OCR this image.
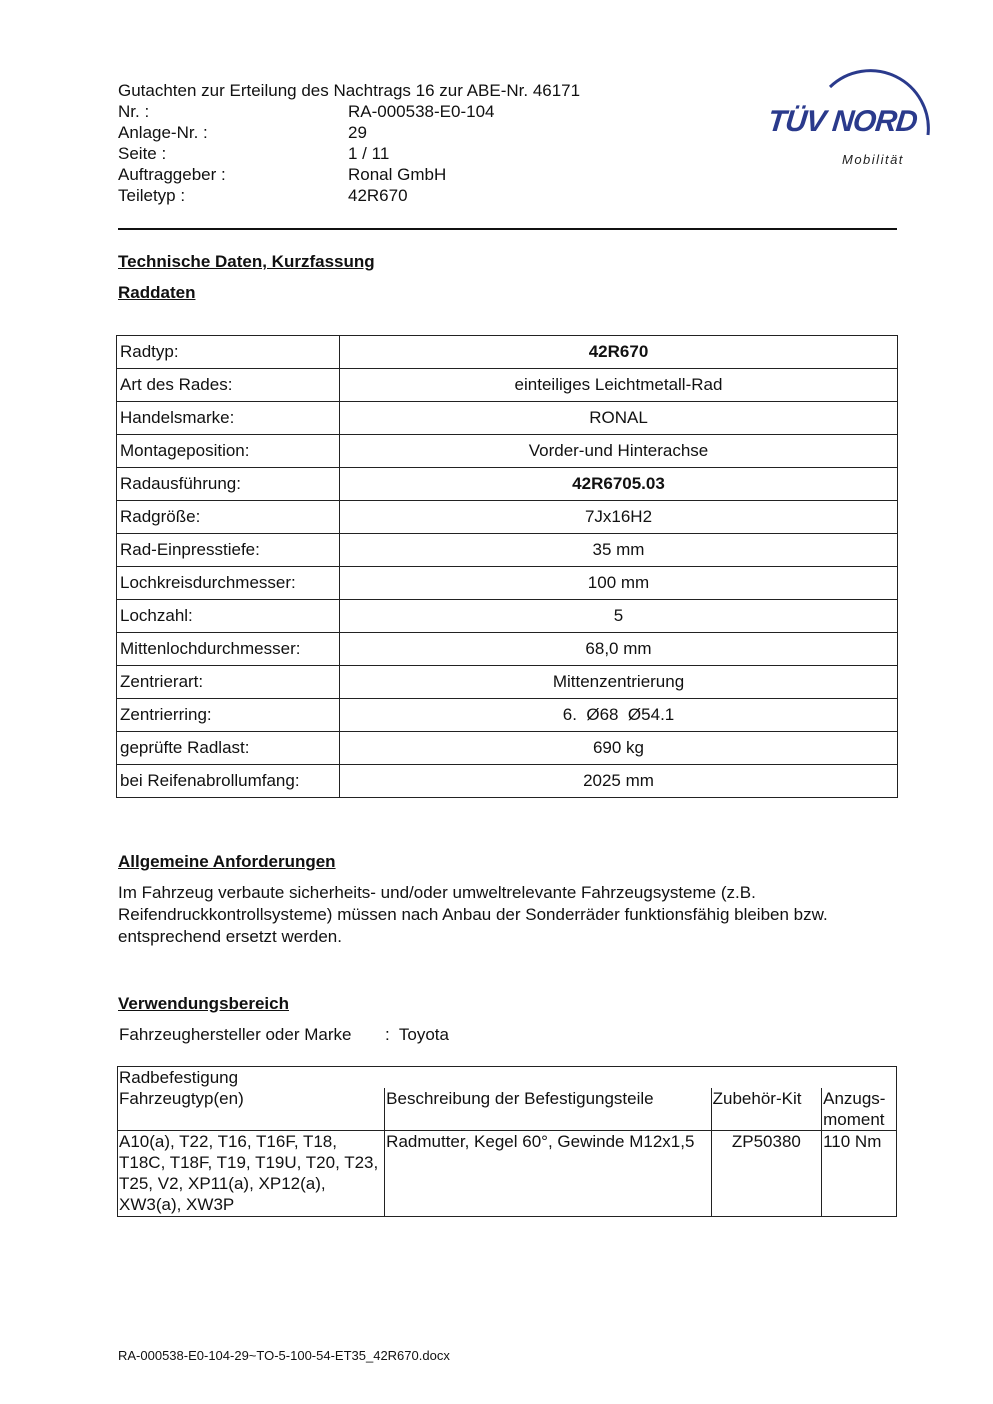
Gutachten zur Erteilung des Nachtrags 16 zur ABE-Nr. 46171
Nr. :	RA-000538-E0-104
Anlage-Nr. :	29
Seite :	1 / 11
Auftraggeber :	Ronal GmbH
Teiletyp :	42R670
TÜV NORD
Mobilität
Technische Daten, Kurzfassung
Raddaten
Radtyp:	42R670
Art des Rades:	einteiliges Leichtmetall-Rad
Handelsmarke:	RONAL
Montageposition:	Vorder-und Hinterachse
Radausführung:	42R6705.03
Radgröße:	7Jx16H2
Rad-Einpresstiefe:	35 mm
Lochkreisdurchmesser:	100 mm
Lochzahl:	5
Mittenlochdurchmesser:	68,0 mm
Zentrierart:	Mittenzentrierung
Zentrierring:	6.  Ø68  Ø54.1
geprüfte Radlast:	690 kg
bei Reifenabrollumfang:	2025 mm
Allgemeine Anforderungen
Im Fahrzeug verbaute sicherheits- und/oder umweltrelevante Fahrzeugsysteme (z.B. Reifendruckkontrollsysteme) müssen nach Anbau der Sonderräder funktionsfähig bleiben bzw. entsprechend ersetzt werden.
Verwendungsbereich
Fahrzeughersteller oder Marke	:  Toyota
Radbefestigung			
Fahrzeugtyp(en)	Beschreibung der Befestigungsteile	Zubehör-Kit	Anzugs-moment
A10(a), T22, T16, T16F, T18, T18C, T18F, T19, T19U, T20, T23, T25, V2, XP11(a), XP12(a), XW3(a), XW3P	Radmutter, Kegel 60°, Gewinde M12x1,5	ZP50380	110 Nm
RA-000538-E0-104-29~TO-5-100-54-ET35_42R670.docx
